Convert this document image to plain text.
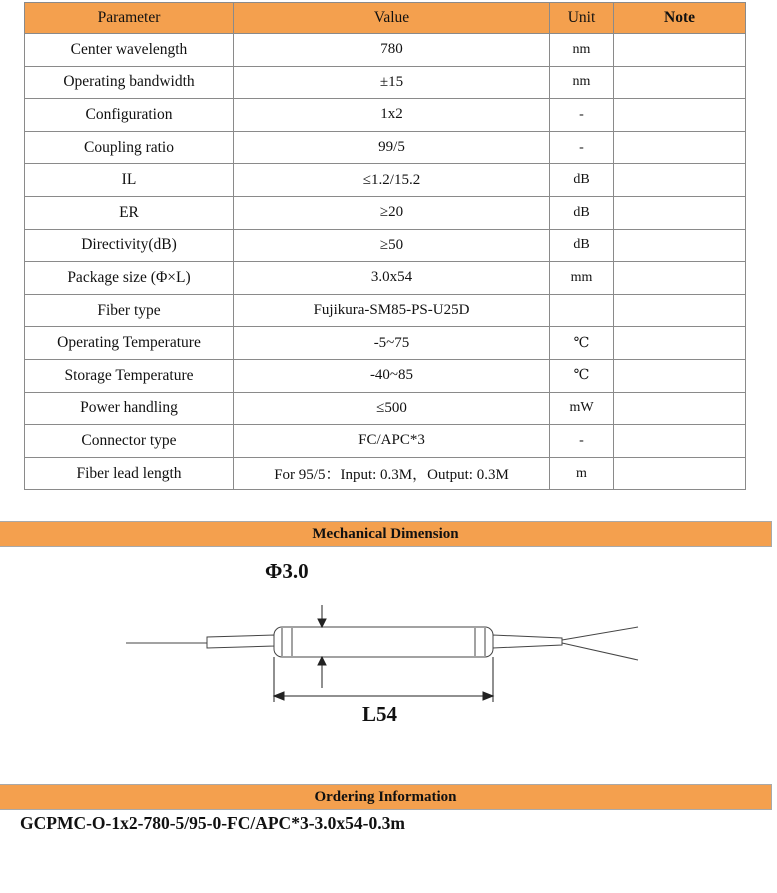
Parameter	Value	Unit	Note
Center wavelength	780	nm	
Operating bandwidth	±15	nm	
Configuration	1x2	-	
Coupling ratio	99/5	-	
IL	≤1.2/15.2	dB	
ER	≥20	dB	
Directivity(dB)	≥50	dB	
Package size (Φ×L)	3.0x54	mm	
Fiber type	Fujikura-SM85-PS-U25D		
Operating Temperature	-5~75	℃	
Storage Temperature	-40~85	℃	
Power handling	≤500	mW	
Connector type	FC/APC*3	-	
Fiber lead length	For 95/5：Input: 0.3M，Output: 0.3M	m	
Mechanical Dimension
Φ3.0
L54
Ordering Information
GCPMC-O-1x2-780-5/95-0-FC/APC*3-3.0x54-0.3m
